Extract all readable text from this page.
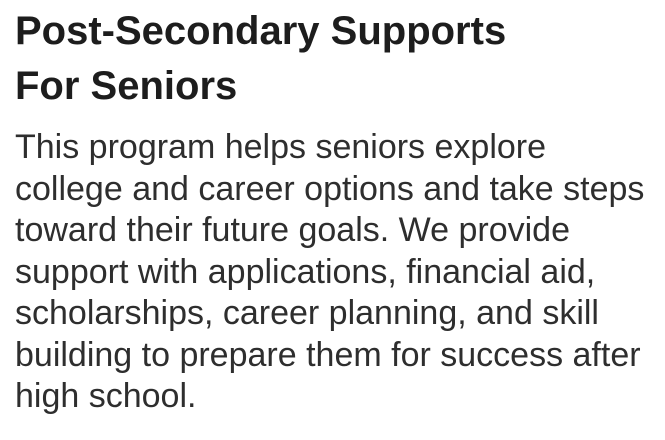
Post-Secondary Supports
For Seniors

This program helps seniors explore college and career options and take steps toward their future goals. We provide support with applications, financial aid, scholarships, career planning, and skill building to prepare them for success after high school.
